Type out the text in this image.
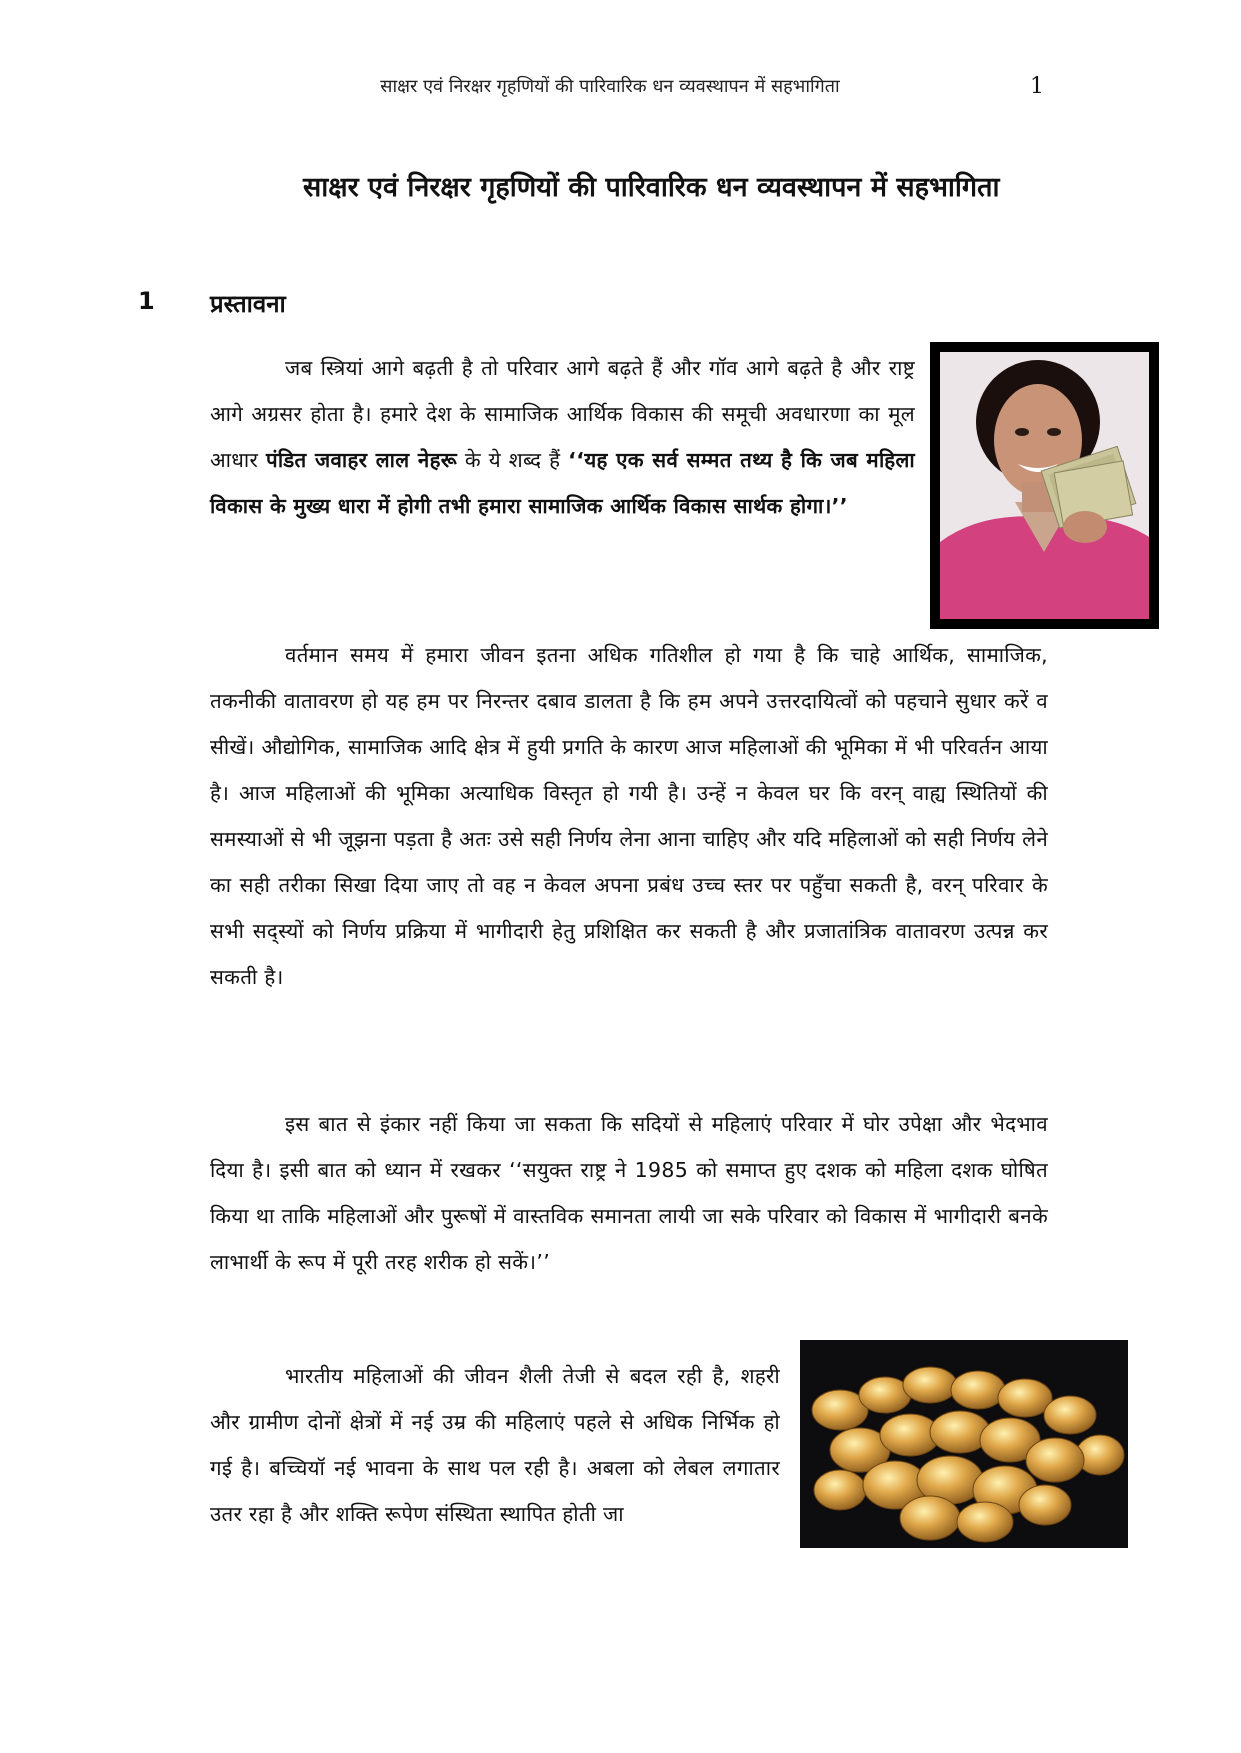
साक्षर एवं निरक्षर गृहणियों की पारिवारिक धन व्यवस्थापन में सहभागिता	1
साक्षर एवं निरक्षर गृहणियों की पारिवारिक धन व्यवस्थापन में सहभागिता
1 प्रस्तावना

जब स्त्रियां आगे बढ़ती है तो परिवार आगे बढ़ते हैं और गॉव आगे बढ़ते है और राष्ट्र आगे अग्रसर होता है। हमारे देश के सामाजिक आर्थिक विकास की समूची अवधारणा का मूल आधार पंडित जवाहर लाल नेहरू के ये शब्द हैं ‘‘यह एक सर्व सम्मत तथ्य है कि जब महिला विकास के मुख्य धारा में होगी तभी हमारा सामाजिक आर्थिक विकास सार्थक होगा।’’

वर्तमान समय में हमारा जीवन इतना अधिक गतिशील हो गया है कि चाहे आर्थिक, सामाजिक, तकनीकी वातावरण हो यह हम पर निरन्तर दबाव डालता है कि हम अपने उत्तरदायित्वों को पहचाने सुधार करें व सीखें। औद्योगिक, सामाजिक आदि क्षेत्र में हुयी प्रगति के कारण आज महिलाओं की भूमिका में भी परिवर्तन आया है। आज महिलाओं की भूमिका अत्याधिक विस्तृत हो गयी है। उन्हें न केवल घर कि वरन् वाह्य स्थितियों की समस्याओं से भी जूझना पड़ता है अतः उसे सही निर्णय लेना आना चाहिए और यदि महिलाओं को सही निर्णय लेने का सही तरीका सिखा दिया जाए तो वह न केवल अपना प्रबंध उच्च स्तर पर पहुँचा सकती है, वरन् परिवार के सभी सद्स्यों को निर्णय प्रक्रिया में भागीदारी हेतु प्रशिक्षित कर सकती है और प्रजातांत्रिक वातावरण उत्पन्न कर सकती है।

इस बात से इंकार नहीं किया जा सकता कि सदियों से महिलाएं परिवार में घोर उपेक्षा और भेदभाव दिया है। इसी बात को ध्यान में रखकर ‘‘सयुक्त राष्ट्र ने 1985 को समाप्त हुए दशक को महिला दशक घोषित किया था ताकि महिलाओं और पुरूषों में वास्तविक समानता लायी जा सके परिवार को विकास में भागीदारी बनके लाभार्थी के रूप में पूरी तरह शरीक हो सकें।’’

भारतीय महिलाओं की जीवन शैली तेजी से बदल रही है, शहरी और ग्रामीण दोनों क्षेत्रों में नई उम्र की महिलाएं पहले से अधिक निर्भिक हो गई है। बच्चियॉ नई भावना के साथ पल रही है। अबला को लेबल लगातार उतर रहा है और शक्ति रूपेण संस्थिता स्थापित होती जा
